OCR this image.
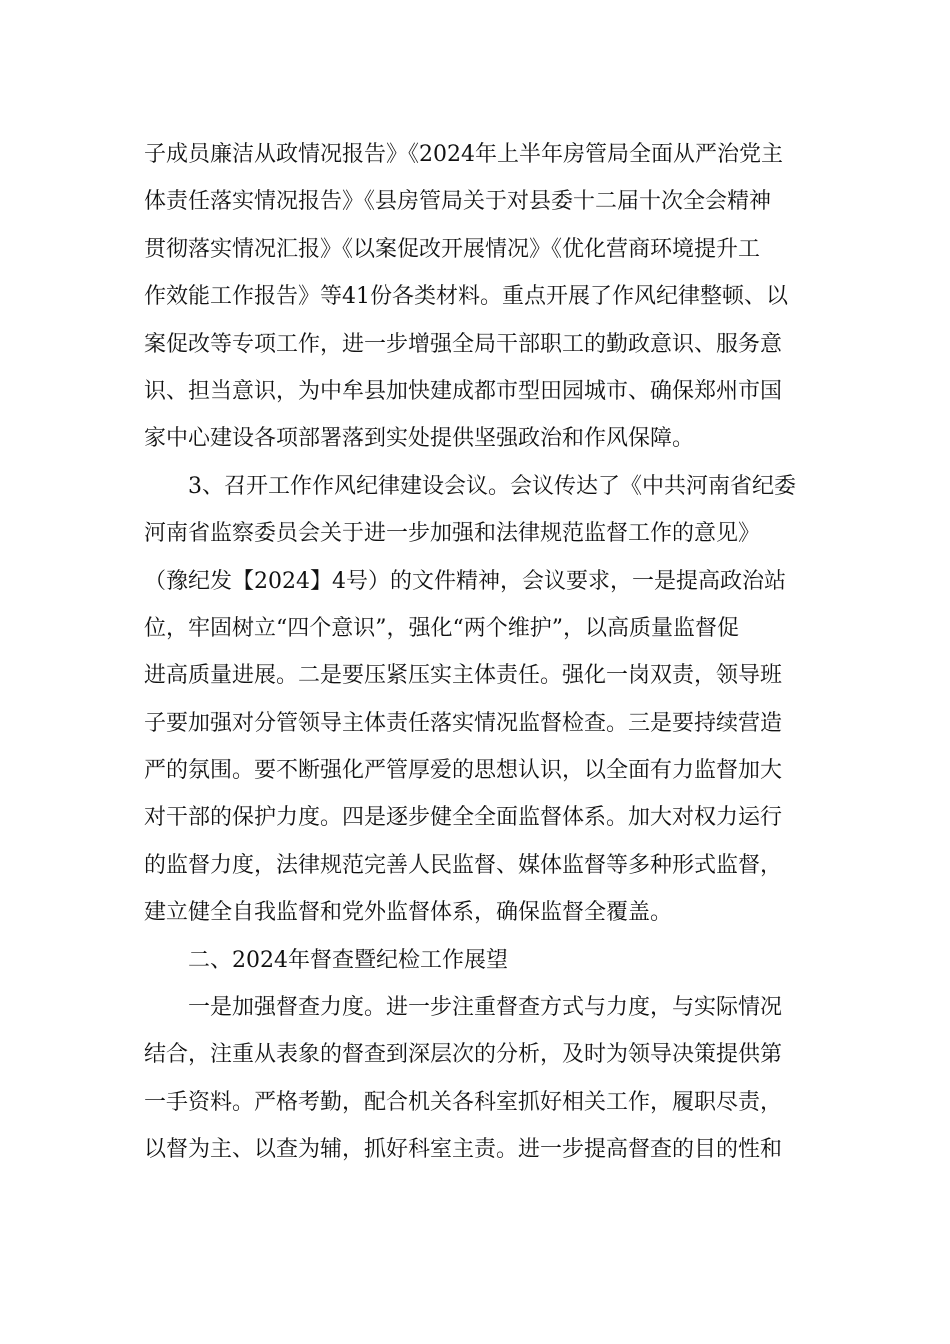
子成员廉洁从政情况报告》《2024年上半年房管局全面从严治党主
体责任落实情况报告》《县房管局关于对县委十二届十次全会精神
贯彻落实情况汇报》《以案促改开展情况》《优化营商环境提升工
作效能工作报告》等41份各类材料。重点开展了作风纪律整顿、以
案促改等专项工作，进一步增强全局干部职工的勤政意识、服务意
识、担当意识，为中牟县加快建成都市型田园城市、确保郑州市国
家中心建设各项部署落到实处提供坚强政治和作风保障。
3、召开工作作风纪律建设会议。会议传达了《中共河南省纪委
河南省监察委员会关于进一步加强和法律规范监督工作的意见》
（豫纪发【2024】4号）的文件精神，会议要求，一是提高政治站
位，牢固树立“四个意识”，强化“两个维护”，以高质量监督促
进高质量进展。二是要压紧压实主体责任。强化一岗双责，领导班
子要加强对分管领导主体责任落实情况监督检查。三是要持续营造
严的氛围。要不断强化严管厚爱的思想认识，以全面有力监督加大
对干部的保护力度。四是逐步健全全面监督体系。加大对权力运行
的监督力度，法律规范完善人民监督、媒体监督等多种形式监督，
建立健全自我监督和党外监督体系，确保监督全覆盖。
二、2024年督查暨纪检工作展望
一是加强督查力度。进一步注重督查方式与力度，与实际情况
结合，注重从表象的督查到深层次的分析，及时为领导决策提供第
一手资料。严格考勤，配合机关各科室抓好相关工作，履职尽责，
以督为主、以查为辅，抓好科室主责。进一步提高督查的目的性和
